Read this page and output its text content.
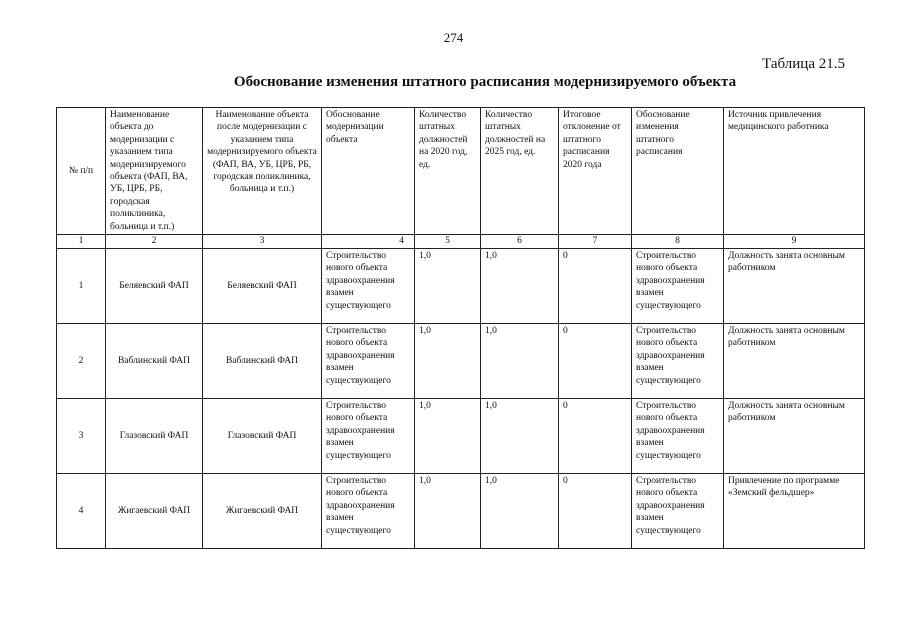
274
Таблица 21.5
Обоснование изменения штатного расписания модернизируемого объекта
№ п/п	Наименование объекта до модернизации с указанием типа модернизируемого объекта (ФАП, ВА, УБ, ЦРБ, РБ, городская поликлиника, больница и т.п.)	Наименование объекта после модернизации с указанием типа модернизируемого объекта (ФАП, ВА, УБ, ЦРБ, РБ, городская поликлиника, больница и т.п.)	Обоснование модернизации объекта	Количество штатных должностей на 2020 год, ед.	Количество штатных должностей на 2025 год, ед.	Итоговое отклонение от штатного расписания 2020 года	Обоснование изменения штатного расписания	Источник привлечения медицинского работника
1	2	3	4	5	6	7	8	9
1	Беляевский ФАП	Беляевский ФАП	Строительство нового объекта здравоохранения взамен существующего	1,0	1,0	0	Строительство нового объекта здравоохранения взамен существующего	Должность занята основным работником
2	Ваблинский ФАП	Ваблинский ФАП	Строительство нового объекта здравоохранения взамен существующего	1,0	1,0	0	Строительство нового объекта здравоохранения взамен существующего	Должность занята основным работником
3	Глазовский ФАП	Глазовский ФАП	Строительство нового объекта здравоохранения взамен существующего	1,0	1,0	0	Строительство нового объекта здравоохранения взамен существующего	Должность занята основным работником
4	Жигаевский ФАП	Жигаевский ФАП	Строительство нового объекта здравоохранения взамен существующего	1,0	1,0	0	Строительство нового объекта здравоохранения взамен существующего	Привлечение по программе «Земский фельдшер»
